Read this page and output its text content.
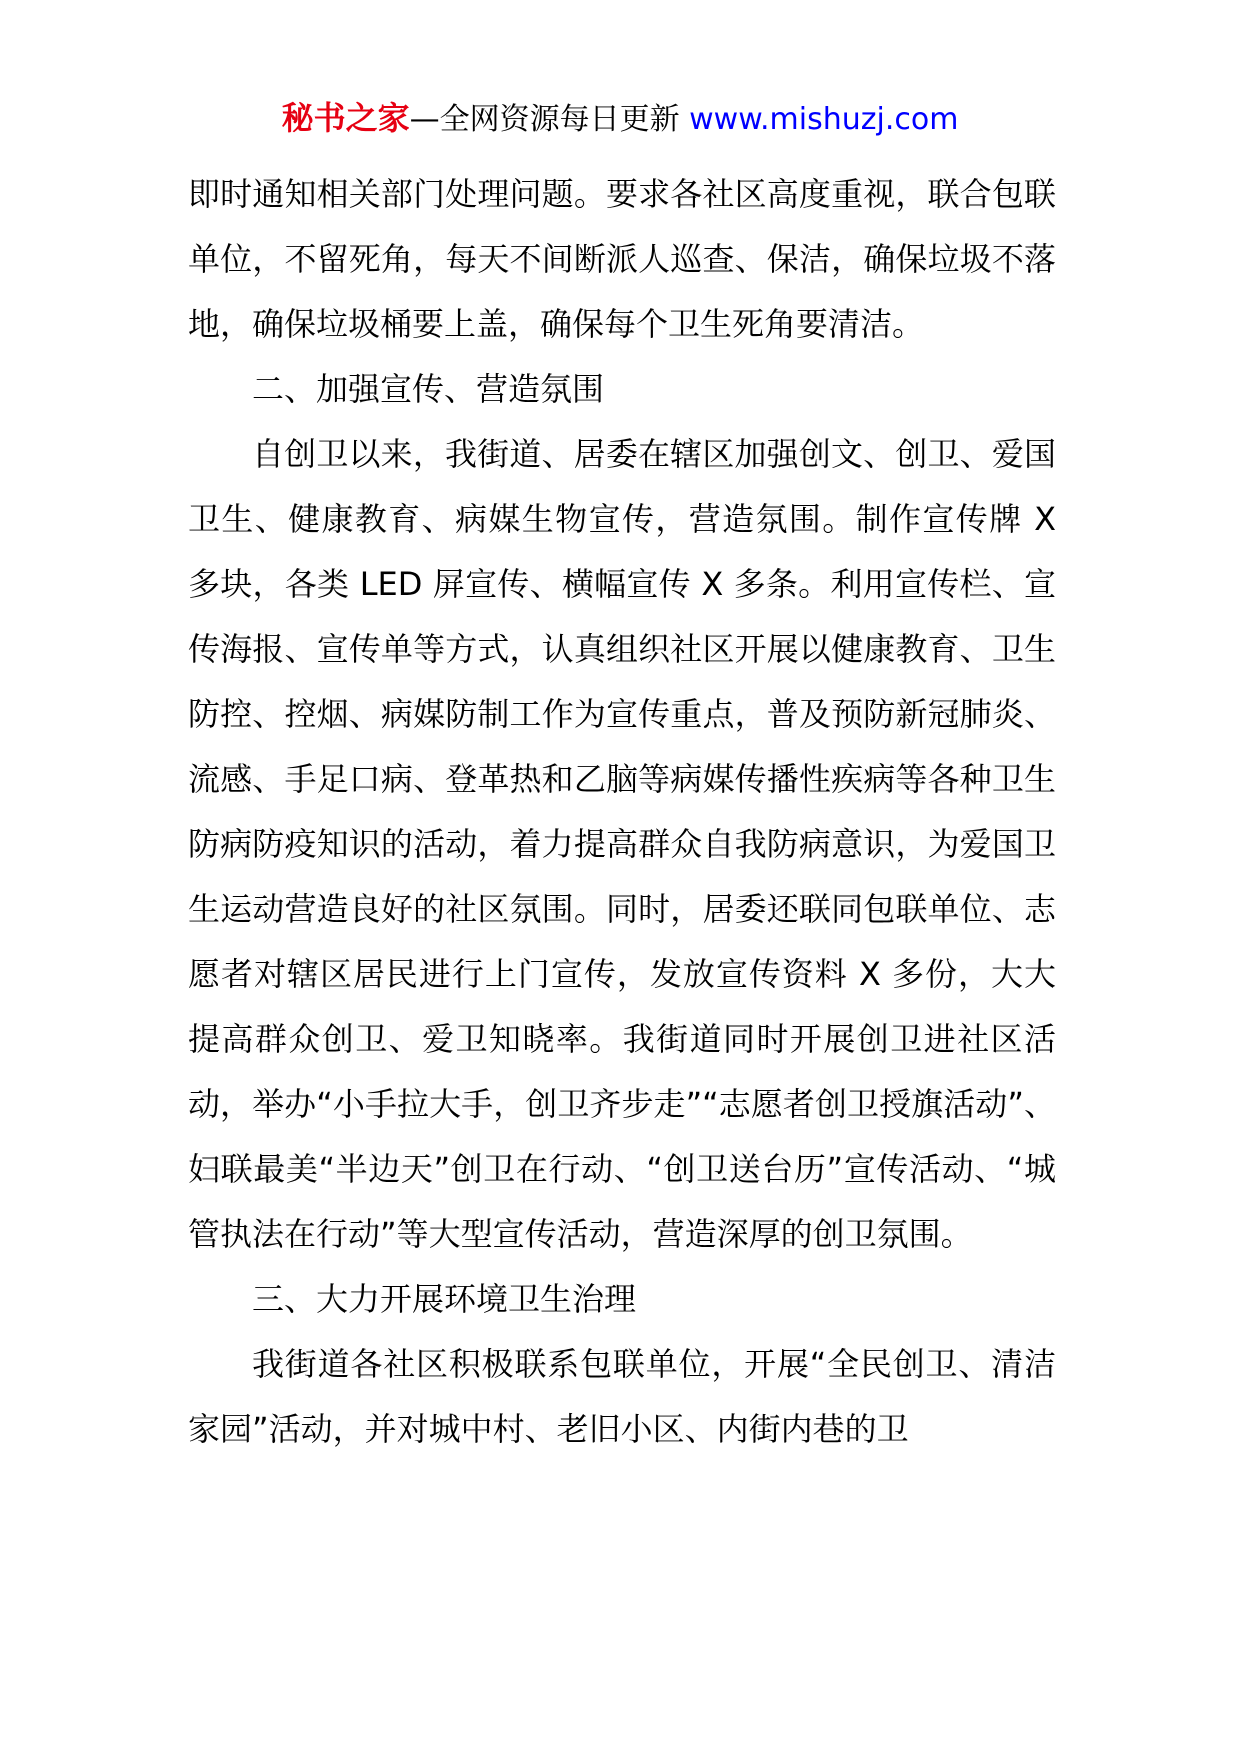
秘书之家—全网资源每日更新 www.mishuzj.com

即时通知相关部门处理问题。要求各社区高度重视，联合包联单位，不留死角，每天不间断派人巡查、保洁，确保垃圾不落地，确保垃圾桶要上盖，确保每个卫生死角要清洁。

二、加强宣传、营造氛围

自创卫以来，我街道、居委在辖区加强创文、创卫、爱国卫生、健康教育、病媒生物宣传，营造氛围。制作宣传牌 X 多块，各类 LED 屏宣传、横幅宣传 X 多条。利用宣传栏、宣传海报、宣传单等方式，认真组织社区开展以健康教育、卫生防控、控烟、病媒防制工作为宣传重点，普及预防新冠肺炎、流感、手足口病、登革热和乙脑等病媒传播性疾病等各种卫生防病防疫知识的活动，着力提高群众自我防病意识，为爱国卫生运动营造良好的社区氛围。同时，居委还联同包联单位、志愿者对辖区居民进行上门宣传，发放宣传资料 X 多份，大大提高群众创卫、爱卫知晓率。我街道同时开展创卫进社区活动，举办“小手拉大手，创卫齐步走”“志愿者创卫授旗活动”、妇联最美“半边天”创卫在行动、“创卫送台历”宣传活动、“城管执法在行动”等大型宣传活动，营造深厚的创卫氛围。

三、大力开展环境卫生治理

我街道各社区积极联系包联单位，开展“全民创卫、清洁家园”活动，并对城中村、老旧小区、内街内巷的卫
